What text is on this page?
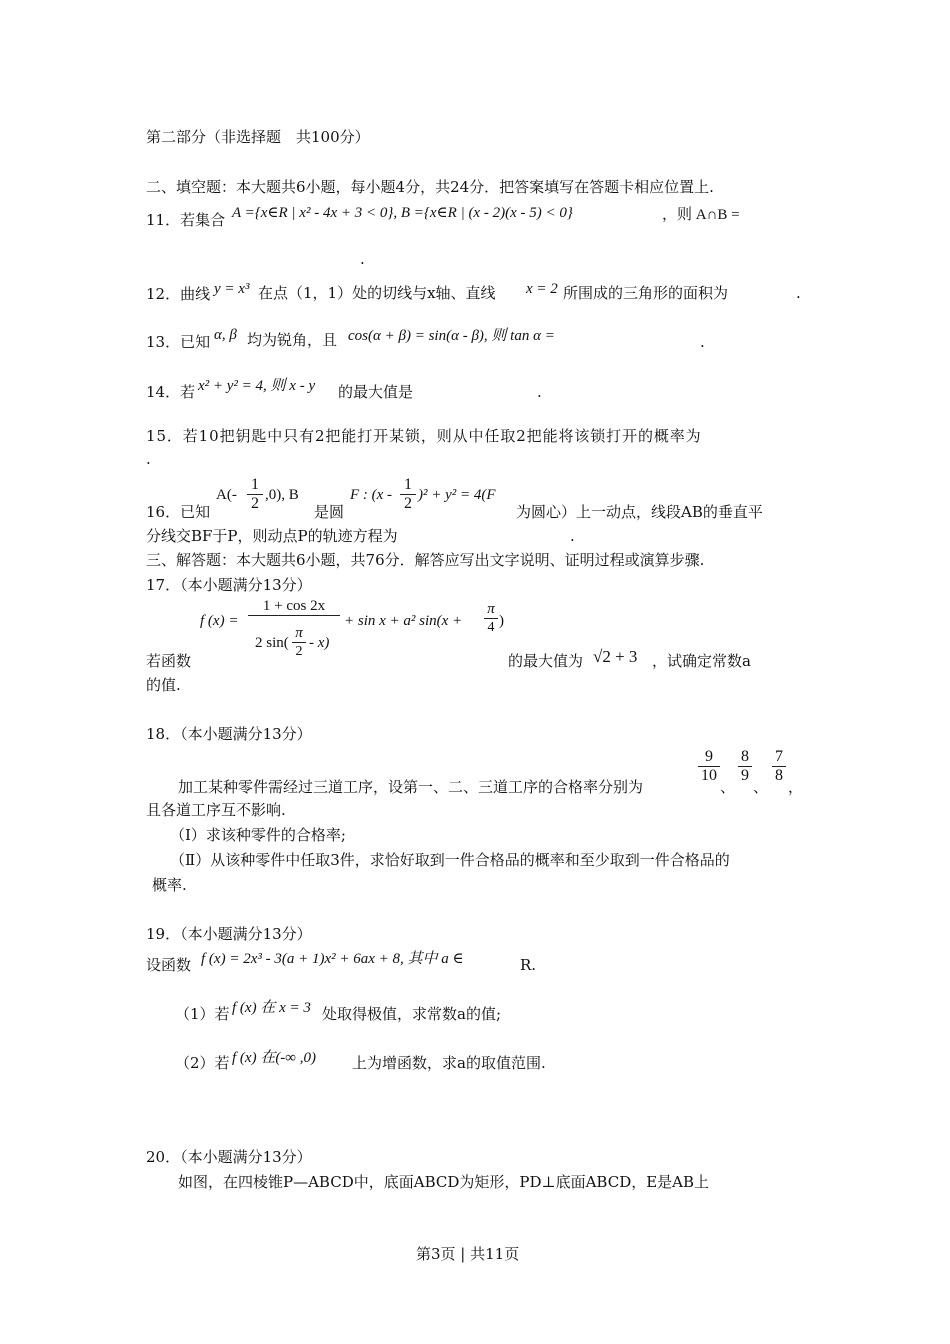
第二部分（非选择题　共100分）
二、填空题：本大题共6小题，每小题4分，共24分．把答案填写在答题卡相应位置上.
11．若集合 A ={x∈R | x² - 4x + 3 < 0}, B ={x∈R | (x - 2)(x - 5) < 0}	，则 A∩B =
.
12．曲线 y = x³ 在点（1，1）处的切线与x轴、直线 x = 2 所围成的三角形的面积为	.
13．已知 α, β 均为锐角，且 cos(α + β) = sin(α - β), 则 tan α =	.
14．若 x² + y² = 4, 则 x - y 的最大值是	.
15．若10把钥匙中只有2把能打开某锁，则从中任取2把能将该锁打开的概率为
.
16．已知
A(-
1
2 ,0), B
是圆
F : (x -
1
2 )² + y² = 4(F
为圆心）上一动点，线段AB的垂直平
分线交BF于P，则动点P的轨迹方程为	.
三、解答题：本大题共6小题，共76分．解答应写出文字说明、证明过程或演算步骤.
17．（本小题满分13分）
f (x) =
1 + cos 2x
2 sin(
π
2
- x)
+ sin x + a² sin(x +
π
4 )
若函数	的最大值为 √2 + 3 ，试确定常数a
的值.
18．（本小题满分13分）
9
10
、
8
9
、
7
8
，
加工某种零件需经过三道工序，设第一、二、三道工序的合格率分别为
且各道工序互不影响.
（Ⅰ）求该种零件的合格率;
（Ⅱ）从该种零件中任取3件，求恰好取到一件合格品的概率和至少取到一件合格品的
概率.
19．（本小题满分13分）
设函数 f (x) = 2x³ - 3(a + 1)x² + 6ax + 8, 其中 a ∈	R.
（1）若 f (x) 在 x = 3 处取得极值，求常数a的值;
（2）若 f (x) 在(-∞ ,0) 上为增函数，求a的取值范围.
20．（本小题满分13分）
如图，在四棱锥P—ABCD中，底面ABCD为矩形，PD⊥底面ABCD，E是AB上
第3页 | 共11页
